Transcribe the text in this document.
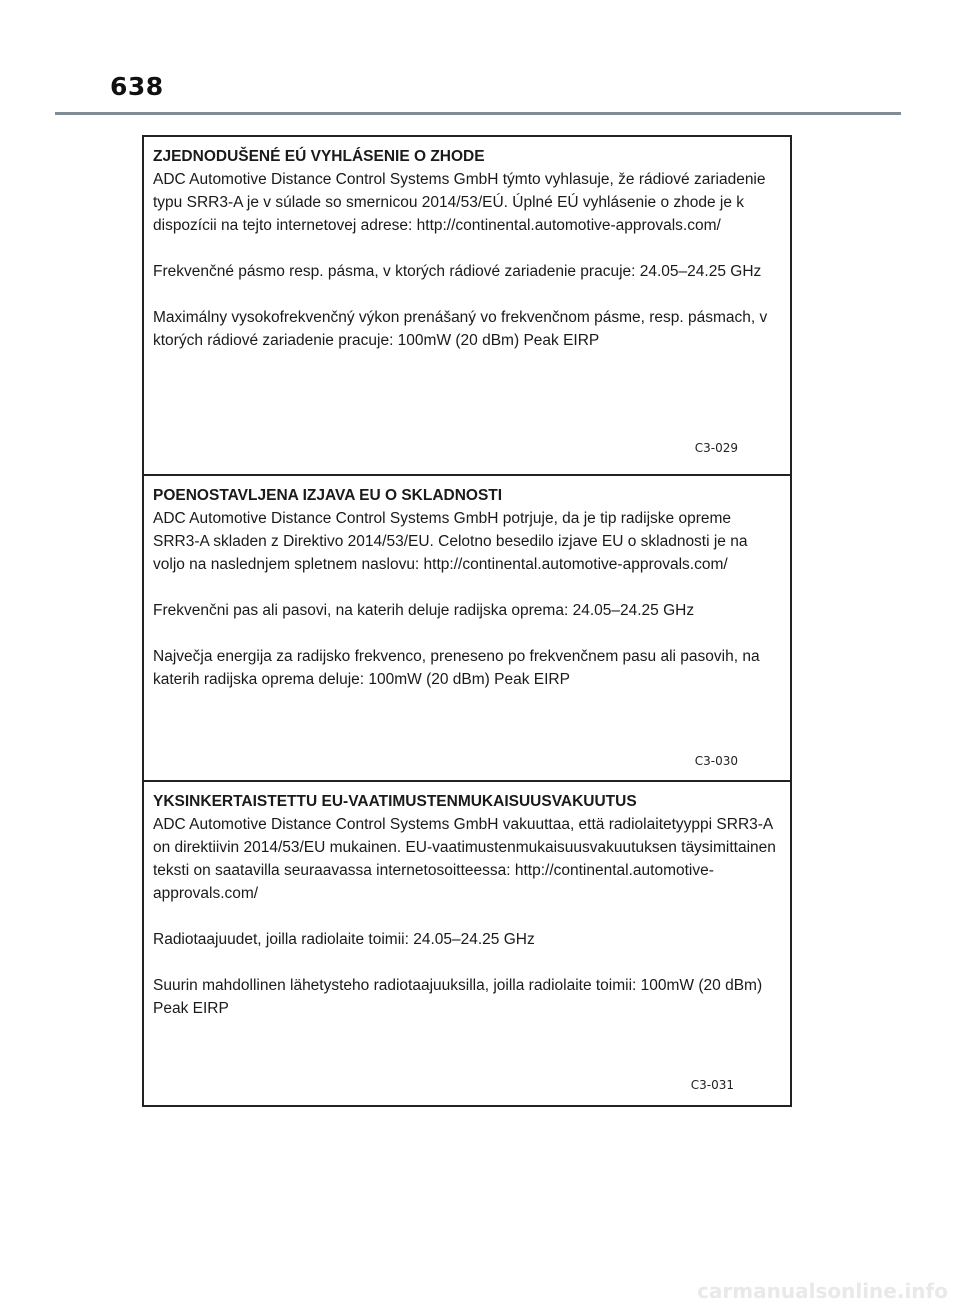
638

ZJEDNODUŠENÉ EÚ VYHLÁSENIE O ZHODE

ADC Automotive Distance Control Systems GmbH týmto vyhlasuje, že rádiové zariadenie typu SRR3-A je v súlade so smernicou 2014/53/EÚ. Úplné EÚ vyhlásenie o zhode je k dispozícii na tejto internetovej adrese: http://continental.automotive-approvals.com/

Frekvenčné pásmo resp. pásma, v ktorých rádiové zariadenie pracuje: 24.05–24.25 GHz

Maximálny vysokofrekvenčný výkon prenášaný vo frekvenčnom pásme, resp. pásmach, v ktorých rádiové zariadenie pracuje: 100mW (20 dBm) Peak EIRP

C3-029

POENOSTAVLJENA IZJAVA EU O SKLADNOSTI

ADC Automotive Distance Control Systems GmbH potrjuje, da je tip radijske opreme SRR3-A skladen z Direktivo 2014/53/EU. Celotno besedilo izjave EU o skladnosti je na voljo na naslednjem spletnem naslovu: http://continental.automotive-approvals.com/

Frekvenčni pas ali pasovi, na katerih deluje radijska oprema: 24.05–24.25 GHz

Največja energija za radijsko frekvenco, preneseno po frekvenčnem pasu ali pasovih, na katerih radijska oprema deluje: 100mW (20 dBm) Peak EIRP

C3-030

YKSINKERTAISTETTU EU-VAATIMUSTENMUKAISUUSVAKUUTUS

ADC Automotive Distance Control Systems GmbH vakuuttaa, että radiolaitetyyppi SRR3-A on direktiivin 2014/53/EU mukainen. EU-vaatimustenmukaisuusvakuutuksen täysimittainen teksti on saatavilla seuraavassa internetosoitteessa: http://continental.automotive-approvals.com/

Radiotaajuudet, joilla radiolaite toimii: 24.05–24.25 GHz

Suurin mahdollinen lähetysteho radiotaajuuksilla, joilla radiolaite toimii: 100mW (20 dBm) Peak EIRP

C3-031
carmanualsonline.info
